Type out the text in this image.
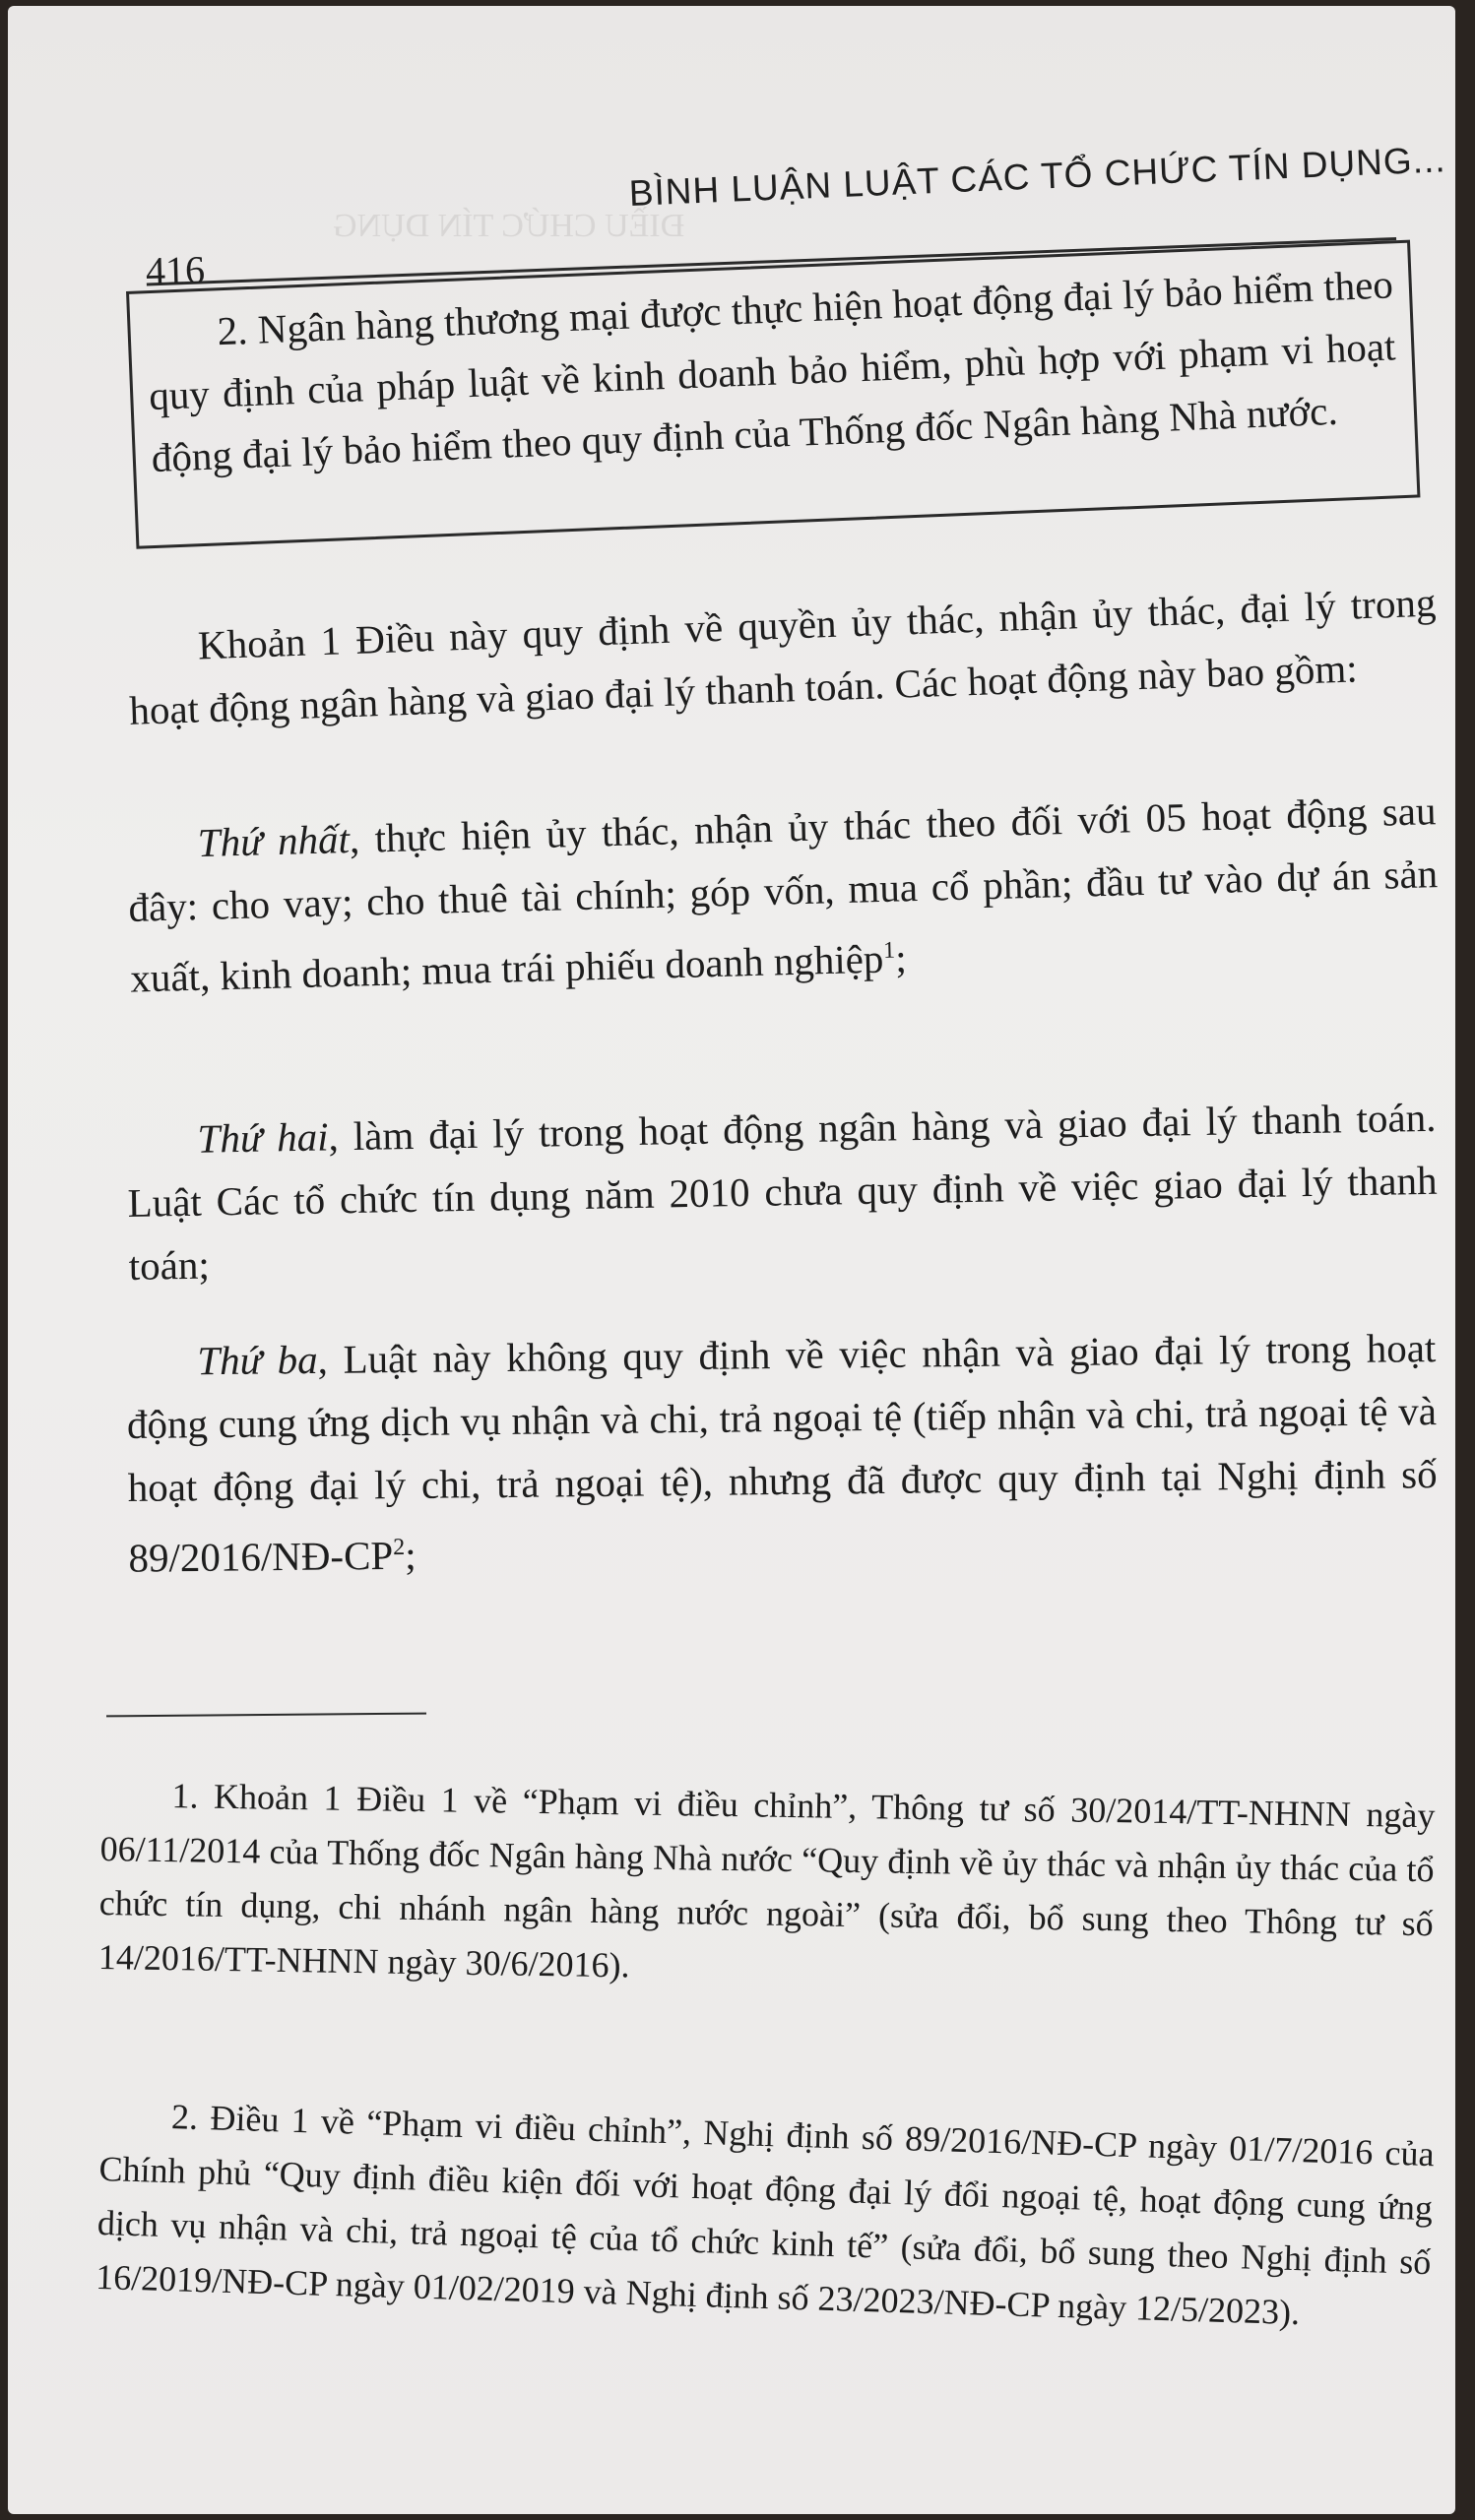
ĐIỀU CHỨC TÍN DỤNG
BÌNH LUẬN LUẬT CÁC TỔ CHỨC TÍN DỤNG...
416 2. Ngân hàng thương mại được thực hiện hoạt động đại lý bảo hiểm theo quy định của pháp luật về kinh doanh bảo hiểm, phù hợp với phạm vi hoạt động đại lý bảo hiểm theo quy định của Thống đốc Ngân hàng Nhà nước.

Khoản 1 Điều này quy định về quyền ủy thác, nhận ủy thác, đại lý trong hoạt động ngân hàng và giao đại lý thanh toán. Các hoạt động này bao gồm:

Thứ nhất, thực hiện ủy thác, nhận ủy thác theo đối với 05 hoạt động sau đây: cho vay; cho thuê tài chính; góp vốn, mua cổ phần; đầu tư vào dự án sản xuất, kinh doanh; mua trái phiếu doanh nghiệp$^1$;

Thứ hai, làm đại lý trong hoạt động ngân hàng và giao đại lý thanh toán. Luật Các tổ chức tín dụng năm 2010 chưa quy định về việc giao đại lý thanh toán;

Thứ ba, Luật này không quy định về việc nhận và giao đại lý trong hoạt động cung ứng dịch vụ nhận và chi, trả ngoại tệ (tiếp nhận và chi, trả ngoại tệ và hoạt động đại lý chi, trả ngoại tệ), nhưng đã được quy định tại Nghị định số $89/2016/NĐ-CP^2$;

1. Khoản 1 Điều 1 về “Phạm vi điều chỉnh”, Thông tư số 30/2014/TT-NHNN ngày 06/11/2014 của Thống đốc Ngân hàng Nhà nước “Quy định về ủy thác và nhận ủy thác của tổ chức tín dụng, chi nhánh ngân hàng nước ngoài” (sửa đổi, bổ sung theo Thông tư số 14/2016/TT-NHNN ngày 30/6/2016).

2. Điều 1 về “Phạm vi điều chỉnh”, Nghị định số 89/2016/NĐ-CP ngày 01/7/2016 của Chính phủ “Quy định điều kiện đối với hoạt động đại lý đổi ngoại tệ, hoạt động cung ứng dịch vụ nhận và chi, trả ngoại tệ của tổ chức kinh tế” (sửa đổi, bổ sung theo Nghị định số 16/2019/NĐ-CP ngày 01/02/2019 và Nghị định số 23/2023/NĐ-CP ngày 12/5/2023).
